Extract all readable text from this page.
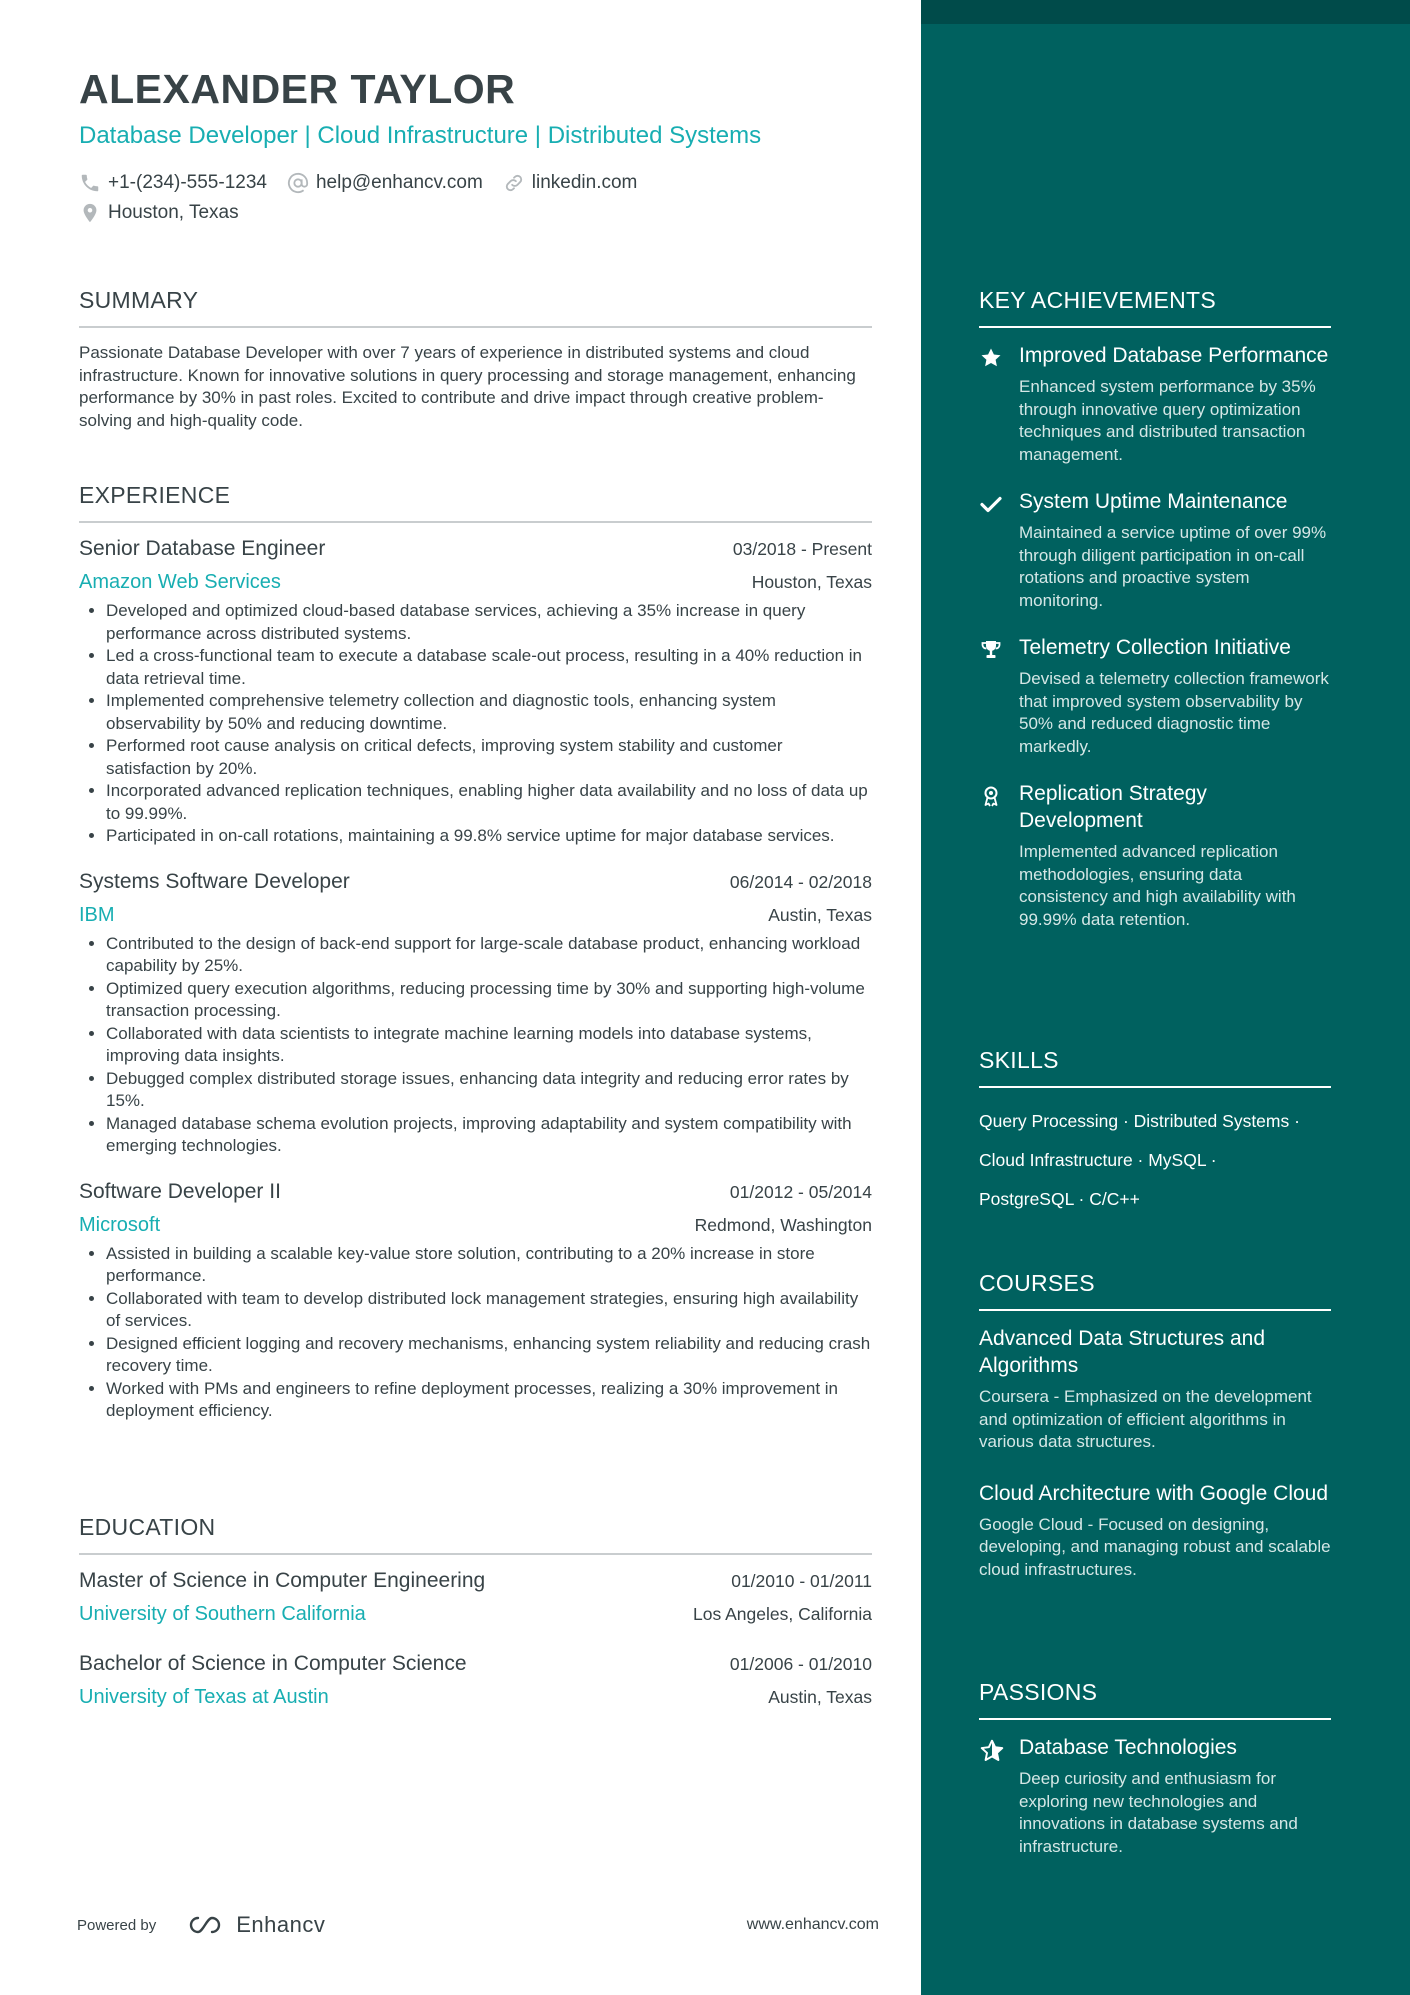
ALEXANDER TAYLOR
Database Developer | Cloud Infrastructure | Distributed Systems
+1-(234)-555-1234	help@enhancv.com	linkedin.com
Houston, Texas
SUMMARY
Passionate Database Developer with over 7 years of experience in distributed systems and cloud infrastructure. Known for innovative solutions in query processing and storage management, enhancing performance by 30% in past roles. Excited to contribute and drive impact through creative problem-solving and high-quality code.
EXPERIENCE
Senior Database Engineer	03/2018 - Present
Amazon Web Services	Houston, Texas
• Developed and optimized cloud-based database services, achieving a 35% increase in query performance across distributed systems.
• Led a cross-functional team to execute a database scale-out process, resulting in a 40% reduction in data retrieval time.
• Implemented comprehensive telemetry collection and diagnostic tools, enhancing system observability by 50% and reducing downtime.
• Performed root cause analysis on critical defects, improving system stability and customer satisfaction by 20%.
• Incorporated advanced replication techniques, enabling higher data availability and no loss of data up to 99.99%.
• Participated in on-call rotations, maintaining a 99.8% service uptime for major database services.
Systems Software Developer	06/2014 - 02/2018
IBM	Austin, Texas
• Contributed to the design of back-end support for large-scale database product, enhancing workload capability by 25%.
• Optimized query execution algorithms, reducing processing time by 30% and supporting high-volume transaction processing.
• Collaborated with data scientists to integrate machine learning models into database systems, improving data insights.
• Debugged complex distributed storage issues, enhancing data integrity and reducing error rates by 15%.
• Managed database schema evolution projects, improving adaptability and system compatibility with emerging technologies.
Software Developer II	01/2012 - 05/2014
Microsoft	Redmond, Washington
• Assisted in building a scalable key-value store solution, contributing to a 20% increase in store performance.
• Collaborated with team to develop distributed lock management strategies, ensuring high availability of services.
• Designed efficient logging and recovery mechanisms, enhancing system reliability and reducing crash recovery time.
• Worked with PMs and engineers to refine deployment processes, realizing a 30% improvement in deployment efficiency.
EDUCATION
Master of Science in Computer Engineering	01/2010 - 01/2011
University of Southern California	Los Angeles, California
Bachelor of Science in Computer Science	01/2006 - 01/2010
University of Texas at Austin	Austin, Texas
KEY ACHIEVEMENTS
Improved Database Performance
Enhanced system performance by 35% through innovative query optimization techniques and distributed transaction management.
System Uptime Maintenance
Maintained a service uptime of over 99% through diligent participation in on-call rotations and proactive system monitoring.
Telemetry Collection Initiative
Devised a telemetry collection framework that improved system observability by 50% and reduced diagnostic time markedly.
Replication Strategy Development
Implemented advanced replication methodologies, ensuring data consistency and high availability with 99.99% data retention.
SKILLS
Query Processing · Distributed Systems ·
Cloud Infrastructure · MySQL ·
PostgreSQL · C/C++
COURSES
Advanced Data Structures and Algorithms
Coursera - Emphasized on the development and optimization of efficient algorithms in various data structures.
Cloud Architecture with Google Cloud
Google Cloud - Focused on designing, developing, and managing robust and scalable cloud infrastructures.
PASSIONS
Database Technologies
Deep curiosity and enthusiasm for exploring new technologies and innovations in database systems and infrastructure.
Powered by	Enhancv	www.enhancv.com
